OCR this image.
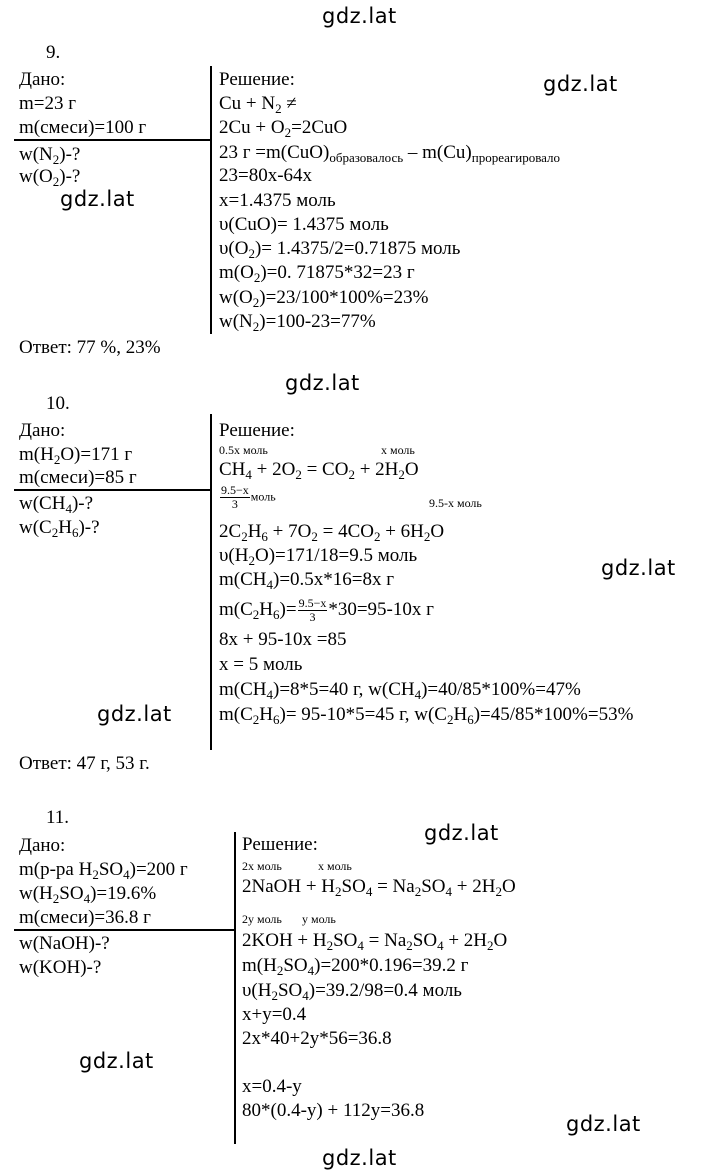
gdz.lat
gdz.lat
gdz.lat
gdz.lat
gdz.lat
gdz.lat
gdz.lat
gdz.lat
gdz.lat
gdz.lat
9.
Дано:
m=23 г
m(смеси)=100 г
$w(N_2)-$?
$w(O_2)-$?
Решение:
$Cu + N_2$ ≠
$2Cu + O_2=2CuO$
23 $г =m(CuO)_{образовалось} - m(Cu)_{прореагировало}$
23=80x-64x
x=1.4375 моль
υ(CuO)= 1.4375 моль
$\upsilon(O_2)= 1.4375/2=0.71875$ моль
$m(O_2)=0$. 71875*32=23 г
$w(O_2)=23/100*100\%=23\%$
$w(N_2)=100-23=77\%$
Ответ: 77 %, 23%
10.
Дано:
$m(H_2O)=171$ г
m(смеси)=85 г
$w(CH_4)-$?
$w(C_2H_6)-$?
Решение:
0.5x моль	x моль
$CH_4 + 2O_2 = CO_2 + 2H_2O$
$\frac{9.5-x}{3}$ моль	9.5-x моль
$2C_2H_6 + 7O_2 = 4CO_2 + 6H_2O$
$\upsilon(H_2O)=171/18=9.5$ моль
$m(CH_4)=0.5x*16=8x$ г
$m(C_2H_6)= \frac{9.5-x}{3} *30=95-10x$ г
8x + 95-10x =85
x = 5 моль
$m(CH_4)=8*5=40$ г, $w(CH_4)=40/85*100\%=47\%$
$m(C_2H_6)= 95-10*5=45$ г, $w(C_2H_6)=45/85*100\%=53\%$
Ответ: 47 г, 53 г.
11.
Дано:
m(р-ра $H_2SO_4)=200$ г
$w(H_2SO_4)=19.6\%$
m(смеси)=36.8 г
w(NaOH)-?
w(KOH)-?
Решение:
2x моль	x моль
2NaOH + $H_2SO_4 = Na_2SO_4 + 2H_2O$
2y моль y моль
$2KOH + H_2SO_4 = Na_2SO_4 + 2H_2O$
$m(H_2SO_4)=200*0.196=39.2$ г
$\upsilon(H_2SO_4)=39.2/98=0.4$ моль
x+y=0.4
2x*40+2y*56=36.8
x=0.4-y
80*(0.4-y) + 112y=36.8
